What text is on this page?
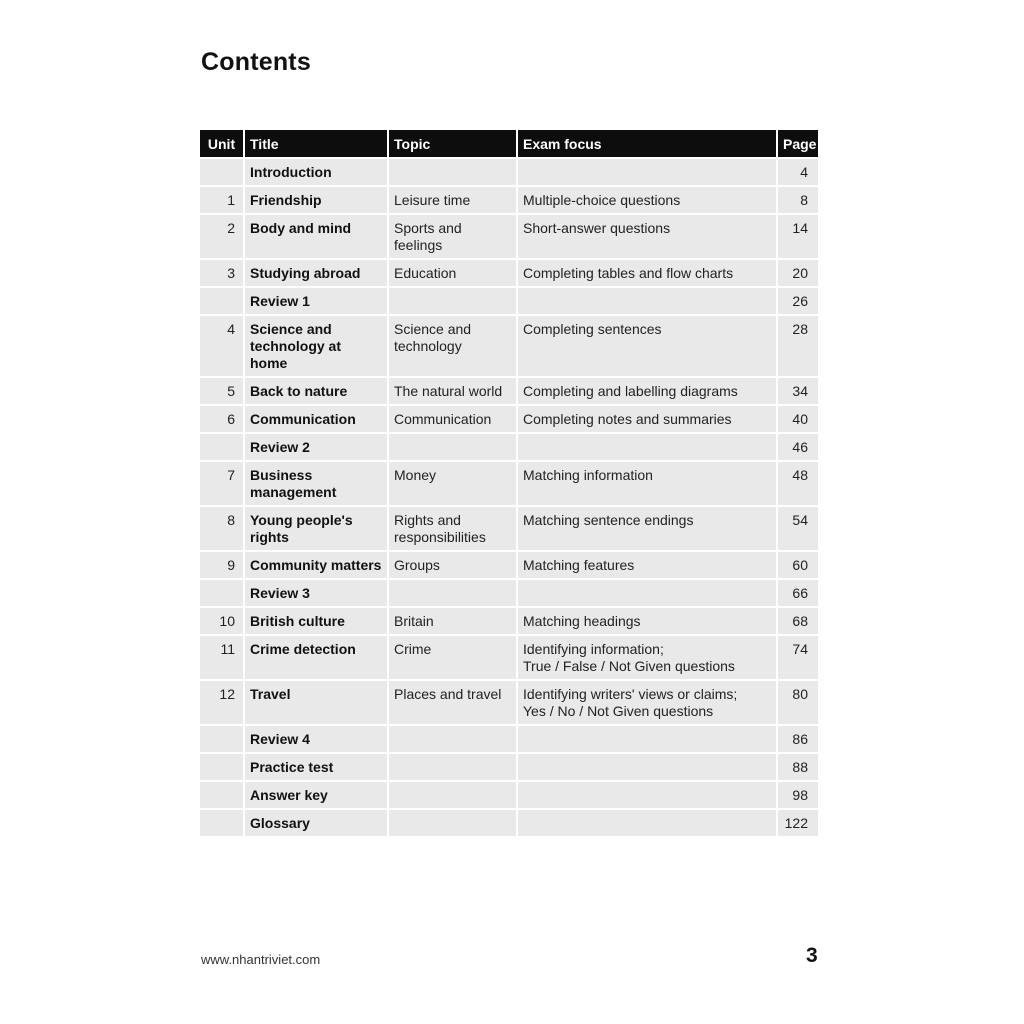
Contents
Unit	Title	Topic	Exam focus	Page
	Introduction			4
1	Friendship	Leisure time	Multiple-choice questions	8
2	Body and mind	Sports and feelings	Short-answer questions	14
3	Studying abroad	Education	Completing tables and flow charts	20
	Review 1			26
4	Science and technology at home	Science and technology	Completing sentences	28
5	Back to nature	The natural world	Completing and labelling diagrams	34
6	Communication	Communication	Completing notes and summaries	40
	Review 2			46
7	Business management	Money	Matching information	48
8	Young people's rights	Rights and responsibilities	Matching sentence endings	54
9	Community matters	Groups	Matching features	60
	Review 3			66
10	British culture	Britain	Matching headings	68
11	Crime detection	Crime	Identifying information;
True / False / Not Given questions	74
12	Travel	Places and travel	Identifying writers' views or claims;
Yes / No / Not Given questions	80
	Review 4			86
	Practice test			88
	Answer key			98
	Glossary			122
www.nhantriviet.com	3
